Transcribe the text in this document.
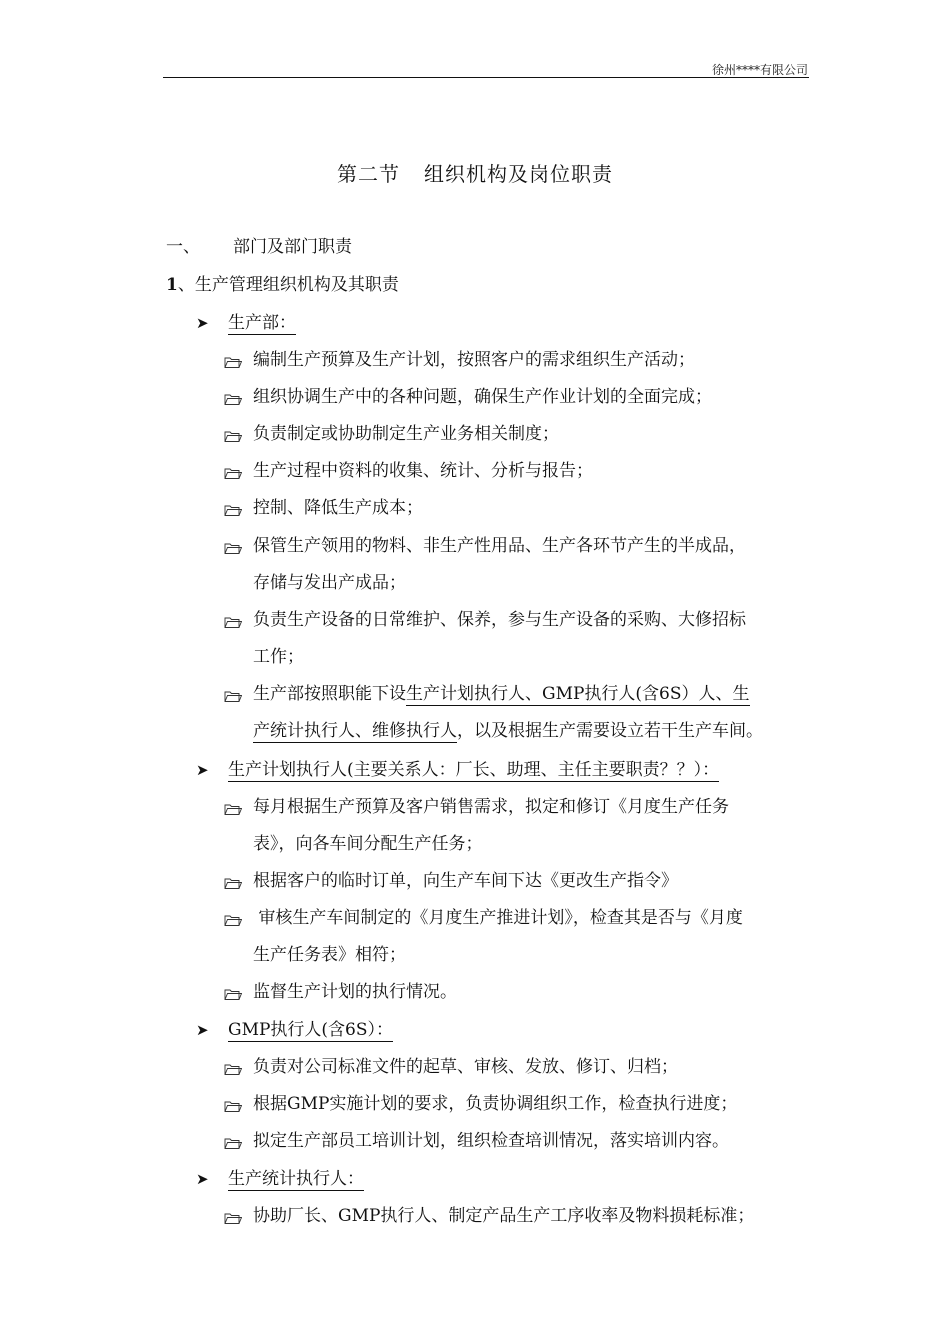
徐州****有限公司
第二节 组织机构及岗位职责
一、 部门及部门职责
1、生产管理组织机构及其职责
➤ 生产部：
编制生产预算及生产计划，按照客户的需求组织生产活动；
组织协调生产中的各种问题，确保生产作业计划的全面完成；
负责制定或协助制定生产业务相关制度；
生产过程中资料的收集、统计、分析与报告；
控制、降低生产成本；
保管生产领用的物料、非生产性用品、生产各环节产生的半成品，
存储与发出产成品；
负责生产设备的日常维护、保养，参与生产设备的采购、大修招标
工作；
生产部按照职能下设生产计划执行人、GMP执行人(含6S）人、生
产统计执行人、维修执行人，以及根据生产需要设立若干生产车间。
➤ 生产计划执行人(主要关系人：厂长、助理、主任主要职责？？）：
每月根据生产预算及客户销售需求，拟定和修订《月度生产任务
表》，向各车间分配生产任务；
根据客户的临时订单，向生产车间下达《更改生产指令》
审核生产车间制定的《月度生产推进计划》，检查其是否与《月度
生产任务表》相符；
监督生产计划的执行情况。
➤ GMP执行人(含6S）：
负责对公司标准文件的起草、审核、发放、修订、归档；
根据GMP实施计划的要求，负责协调组织工作，检查执行进度；
拟定生产部员工培训计划，组织检查培训情况，落实培训内容。
➤ 生产统计执行人：
协助厂长、GMP执行人、制定产品生产工序收率及物料损耗标准；
